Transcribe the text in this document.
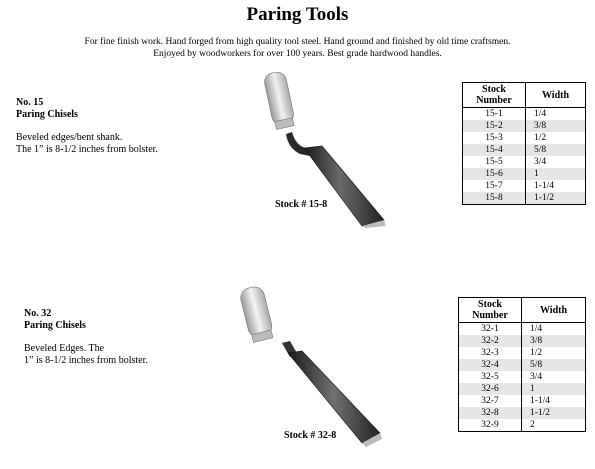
Paring Tools
For fine finish work. Hand forged from high quality tool steel. Hand ground and finished by old time craftsmen.
Enjoyed by woodworkers for over 100 years. Best grade hardwood handles.
No. 15
Paring Chisels
Beveled edges/bent shank.
The 1” is 8-1/2 inches from bolster.
Stock # 15-8
Stock Number	Width
15-1	1/4
15-2	3/8
15-3	1/2
15-4	5/8
15-5	3/4
15-6	1
15-7	1-1/4
15-8	1-1/2
No. 32
Paring Chisels
Beveled Edges. The
1” is 8-1/2 inches from bolster.
Stock # 32-8
Stock Number	Width
32-1	1/4
32-2	3/8
32-3	1/2
32-4	5/8
32-5	3/4
32-6	1
32-7	1-1/4
32-8	1-1/2
32-9	2
